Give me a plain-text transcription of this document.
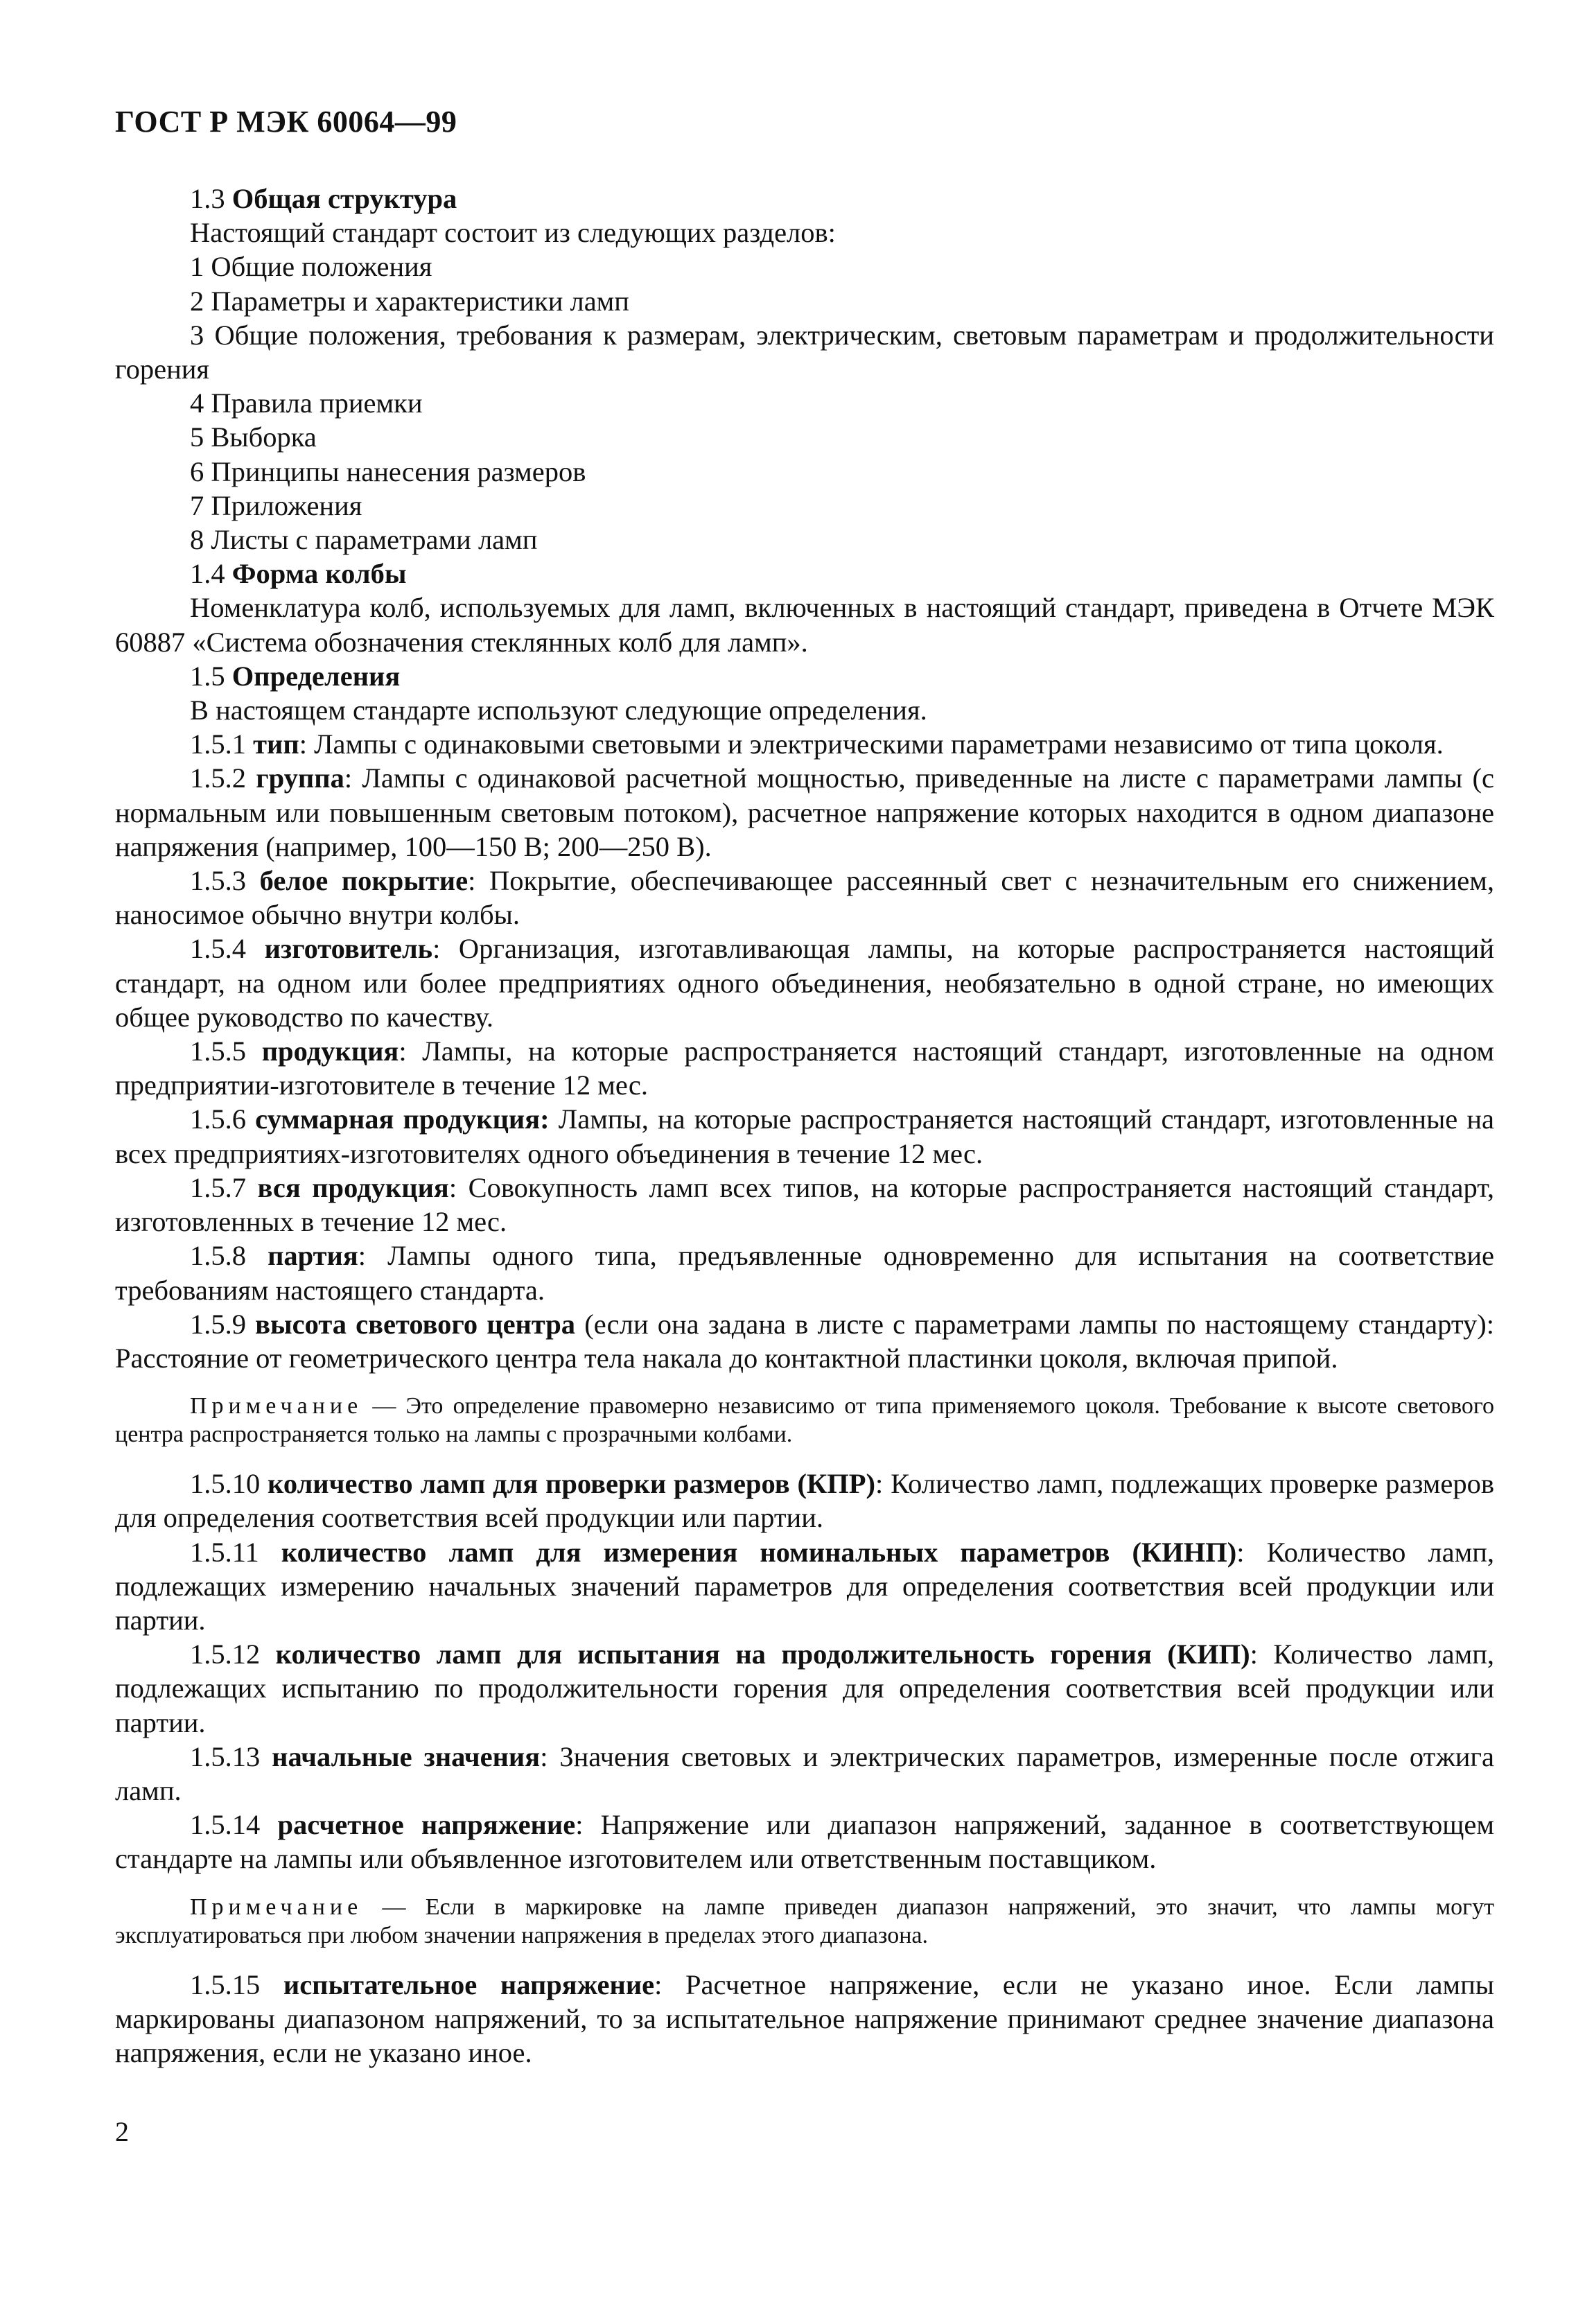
ГОСТ Р МЭК 60064—99

1.3 Общая структура

Настоящий стандарт состоит из следующих разделов:

1 Общие положения

2 Параметры и характеристики ламп

3 Общие положения, требования к размерам, электрическим, световым параметрам и продолжительности горения

4 Правила приемки

5 Выборка

6 Принципы нанесения размеров

7 Приложения

8 Листы с параметрами ламп

1.4 Форма колбы

Номенклатура колб, используемых для ламп, включенных в настоящий стандарт, приведена в Отчете МЭК 60887 «Система обозначения стеклянных колб для ламп».

1.5 Определения

В настоящем стандарте используют следующие определения.

1.5.1 тип: Лампы с одинаковыми световыми и электрическими параметрами независимо от типа цоколя.

1.5.2 группа: Лампы с одинаковой расчетной мощностью, приведенные на листе с параметрами лампы (с нормальным или повышенным световым потоком), расчетное напряжение которых находится в одном диапазоне напряжения (например, 100—150 В; 200—250 В).

1.5.3 белое покрытие: Покрытие, обеспечивающее рассеянный свет с незначительным его снижением, наносимое обычно внутри колбы.

1.5.4 изготовитель: Организация, изготавливающая лампы, на которые распространяется настоящий стандарт, на одном или более предприятиях одного объединения, необязательно в одной стране, но имеющих общее руководство по качеству.

1.5.5 продукция: Лампы, на которые распространяется настоящий стандарт, изготовленные на одном предприятии-изготовителе в течение 12 мес.

1.5.6 суммарная продукция: Лампы, на которые распространяется настоящий стандарт, изготовленные на всех предприятиях-изготовителях одного объединения в течение 12 мес.

1.5.7 вся продукция: Совокупность ламп всех типов, на которые распространяется настоящий стандарт, изготовленных в течение 12 мес.

1.5.8 партия: Лампы одного типа, предъявленные одновременно для испытания на соответствие требованиям настоящего стандарта.

1.5.9 высота светового центра (если она задана в листе с параметрами лампы по настоящему стандарту): Расстояние от геометрического центра тела накала до контактной пластинки цоколя, включая припой.

Примечание — Это определение правомерно независимо от типа применяемого цоколя. Требование к высоте светового центра распространяется только на лампы с прозрачными колбами.

1.5.10 количество ламп для проверки размеров (КПР): Количество ламп, подлежащих проверке размеров для определения соответствия всей продукции или партии.

1.5.11 количество ламп для измерения номинальных параметров (КИНП): Количество ламп, подлежащих измерению начальных значений параметров для определения соответствия всей продукции или партии.

1.5.12 количество ламп для испытания на продолжительность горения (КИП): Количество ламп, подлежащих испытанию по продолжительности горения для определения соответствия всей продукции или партии.

1.5.13 начальные значения: Значения световых и электрических параметров, измеренные после отжига ламп.

1.5.14 расчетное напряжение: Напряжение или диапазон напряжений, заданное в соответствующем стандарте на лампы или объявленное изготовителем или ответственным поставщиком.

Примечание — Если в маркировке на лампе приведен диапазон напряжений, это значит, что лампы могут эксплуатироваться при любом значении напряжения в пределах этого диапазона.

1.5.15 испытательное напряжение: Расчетное напряжение, если не указано иное. Если лампы маркированы диапазоном напряжений, то за испытательное напряжение принимают среднее значение диапазона напряжения, если не указано иное.

2
